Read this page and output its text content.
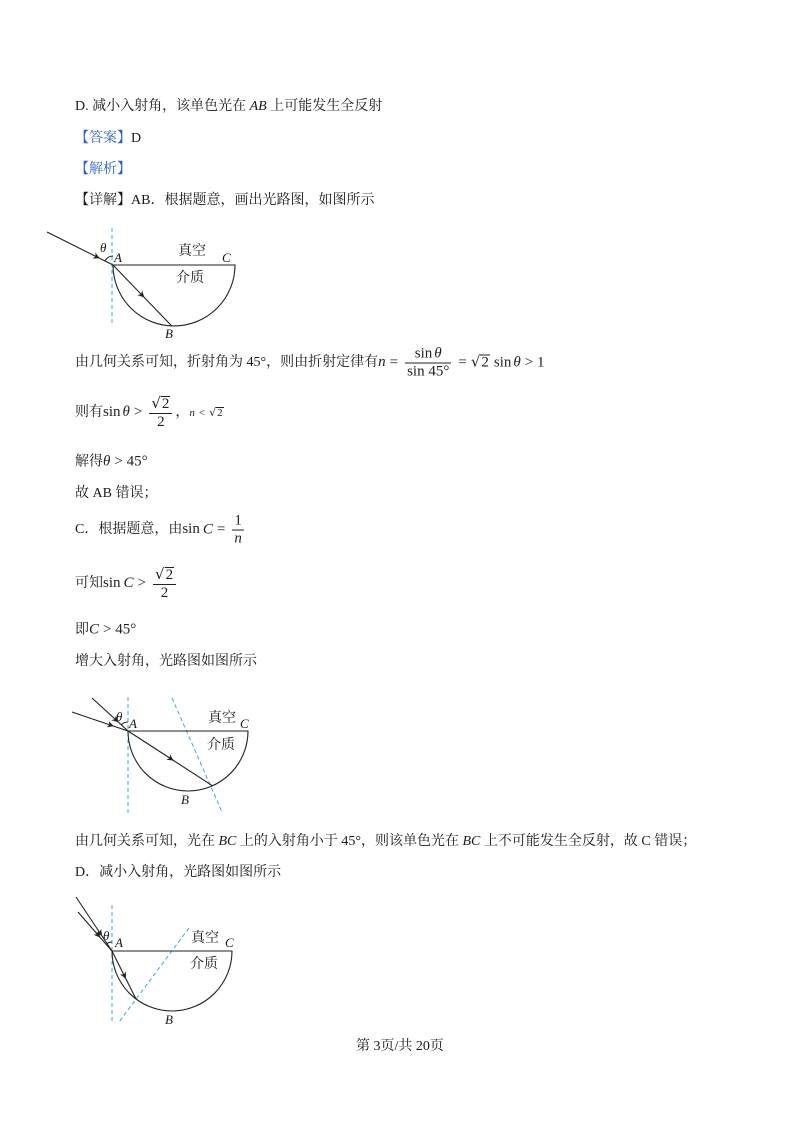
D. 减小入射角，该单色光在 AB 上可能发生全反射
【答案】D
【解析】
【详解】AB．根据题意，画出光路图，如图所示
θ
A	真空 C
介质
B
由几何关系可知，折射角为 45°，则由折射定律有$n = \frac{\text{sin θ}}{\sin 45^\circ} = √2$ sin θ > 1
则有$\sin \theta > \frac{√2}{2}$ ，n < √2
解得θ > 45°
故 AB 错误；
C．根据题意，由$\sin C = \frac{1}{n}$
可知$\sin C > \frac{√2}{2}$
即C > 45°
增大入射角，光路图如图所示
θ A	真空 C
介质
B
由几何关系可知，光在 BC 上的入射角小于 45°，则该单色光在 BC 上不可能发生全反射，故 C 错误；
D．减小入射角，光路图如图所示
θ A	真空 C
介质
B
第 3页/共 20页
